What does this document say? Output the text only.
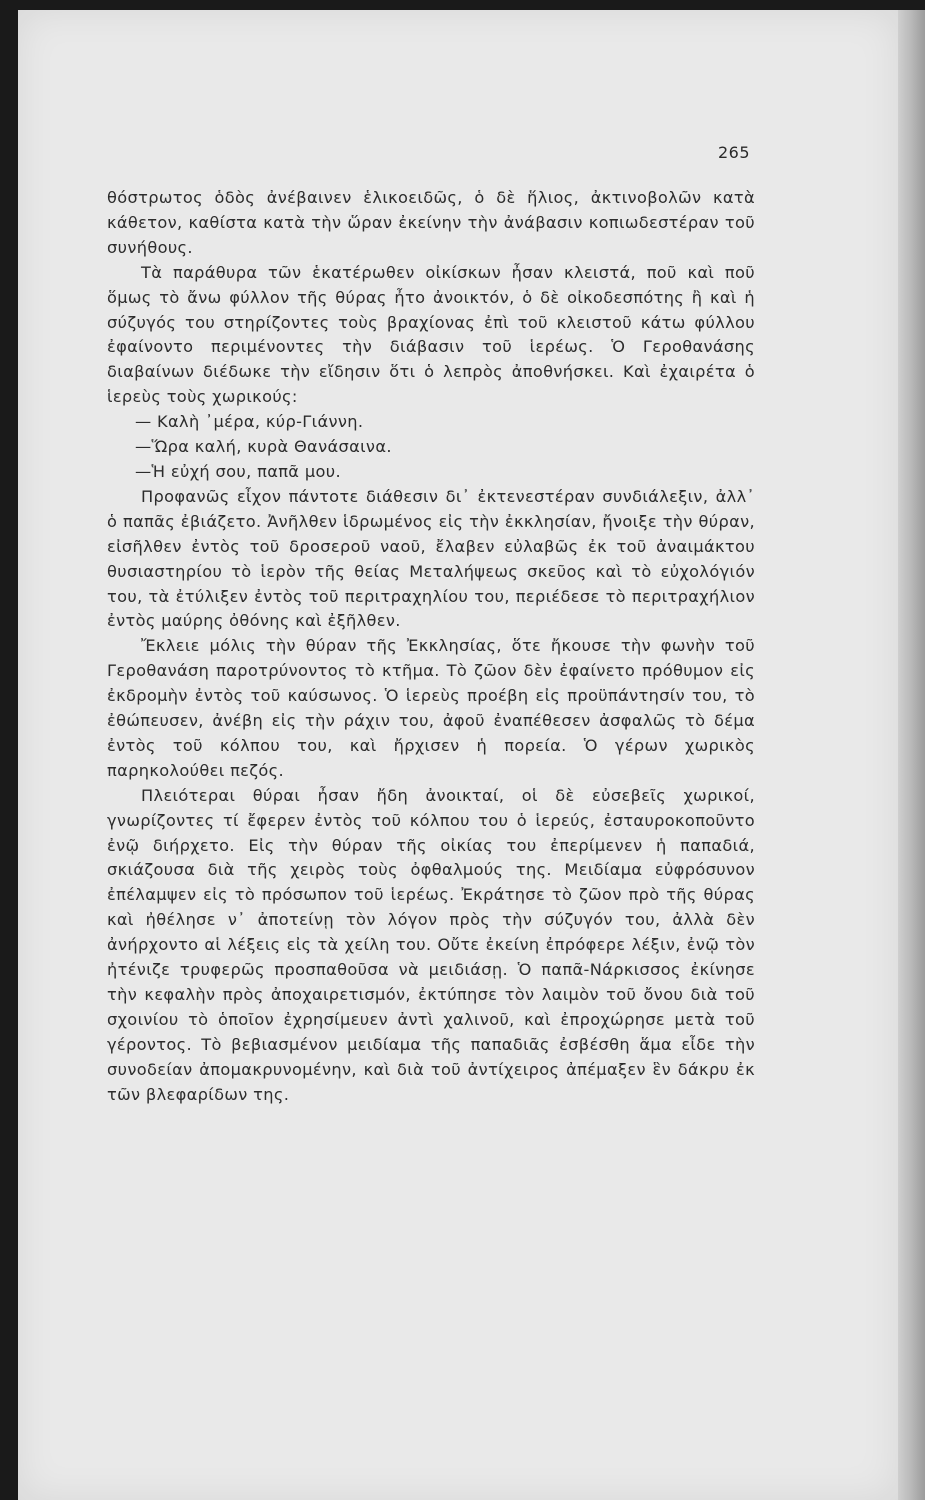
265

θόστρωτος ὁδὸς ἀνέβαινεν ἑλικοειδῶς, ὁ δὲ ἥλιος, ἀκτινοβολῶν κατὰ κάθετον, καθίστα κατὰ τὴν ὥραν ἐκείνην τὴν ἀνάβασιν κοπιωδεστέραν τοῦ συνήθους.

Τὰ παράθυρα τῶν ἑκατέρωθεν οἰκίσκων ἦσαν κλειστά, ποῦ καὶ ποῦ ὅμως τὸ ἄνω φύλλον τῆς θύρας ἦτο ἀνοικτόν, ὁ δὲ οἰκοδεσπότης ἢ καὶ ἡ σύζυγός του στηρίζοντες τοὺς βραχίονας ἐπὶ τοῦ κλειστοῦ κάτω φύλλου ἐφαίνοντο περιμένοντες τὴν διάβασιν τοῦ ἱερέως. Ὁ Γεροθανάσης διαβαίνων διέδωκε τὴν εἴδησιν ὅτι ὁ λεπρὸς ἀποθνήσκει. Καὶ ἐχαιρέτα ὁ ἱερεὺς τοὺς χωρικούς:

— Καλὴ ᾽μέρα, κύρ-Γιάννη.

—Ὥρα καλή, κυρὰ Θανάσαινα.

—Ἡ εὐχή σου, παπᾶ μου.

Προφανῶς εἶχον πάντοτε διάθεσιν δι᾽ ἐκτενεστέραν συνδιάλεξιν, ἀλλ᾽ ὁ παπᾶς ἐβιάζετο. Ἀνῆλθεν ἱδρωμένος εἰς τὴν ἐκκλησίαν, ἤνοιξε τὴν θύραν, εἰσῆλθεν ἐντὸς τοῦ δροσεροῦ ναοῦ, ἔλαβεν εὐλαβῶς ἐκ τοῦ ἀναιμάκτου θυσιαστηρίου τὸ ἱερὸν τῆς θείας Μεταλήψεως σκεῦος καὶ τὸ εὐχολόγιόν του, τὰ ἐτύλιξεν ἐντὸς τοῦ περιτραχηλίου του, περιέδεσε τὸ περιτραχήλιον ἐντὸς μαύρης ὀθόνης καὶ ἐξῆλθεν.

Ἔκλειε μόλις τὴν θύραν τῆς Ἐκκλησίας, ὅτε ἤκουσε τὴν φωνὴν τοῦ Γεροθανάση παροτρύνοντος τὸ κτῆμα. Τὸ ζῶον δὲν ἐφαίνετο πρόθυμον εἰς ἐκδρομὴν ἐντὸς τοῦ καύσωνος. Ὁ ἱερεὺς προέβη εἰς προϋπάντησίν του, τὸ ἐθώπευσεν, ἀνέβη εἰς τὴν ράχιν του, ἀφοῦ ἐναπέθεσεν ἀσφαλῶς τὸ δέμα ἐντὸς τοῦ κόλπου του, καὶ ἤρχισεν ἡ πορεία. Ὁ γέρων χωρικὸς παρηκολούθει πεζός.

Πλειότεραι θύραι ἦσαν ἤδη ἀνοικταί, οἱ δὲ εὐσεβεῖς χωρικοί, γνωρίζοντες τί ἔφερεν ἐντὸς τοῦ κόλπου του ὁ ἱερεύς, ἐσταυροκοποῦντο ἐνῷ διήρχετο. Εἰς τὴν θύραν τῆς οἰκίας του ἐπερίμενεν ἡ παπαδιά, σκιάζουσα διὰ τῆς χειρὸς τοὺς ὀφθαλμούς της. Μειδίαμα εὐφρόσυνον ἐπέλαμψεν εἰς τὸ πρόσωπον τοῦ ἱερέως. Ἐκράτησε τὸ ζῶον πρὸ τῆς θύρας καὶ ἠθέλησε ν᾽ ἀποτείνῃ τὸν λόγον πρὸς τὴν σύζυγόν του, ἀλλὰ δὲν ἀνήρχοντο αἱ λέξεις εἰς τὰ χείλη του. Οὔτε ἐκείνη ἐπρόφερε λέξιν, ἐνῷ τὸν ἠτένιζε τρυφερῶς προσπαθοῦσα νὰ μειδιάσῃ. Ὁ παπᾶ-Νάρκισσος ἐκίνησε τὴν κεφαλὴν πρὸς ἀποχαιρετισμόν, ἐκτύπησε τὸν λαιμὸν τοῦ ὄνου διὰ τοῦ σχοινίου τὸ ὁποῖον ἐχρησίμευεν ἀντὶ χαλινοῦ, καὶ ἐπροχώρησε μετὰ τοῦ γέροντος. Τὸ βεβιασμένον μειδίαμα τῆς παπαδιᾶς ἐσβέσθη ἅμα εἶδε τὴν συνοδείαν ἀπομακρυνομένην, καὶ διὰ τοῦ ἀντίχειρος ἀπέμαξεν ἓν δάκρυ ἐκ τῶν βλεφαρίδων της.
